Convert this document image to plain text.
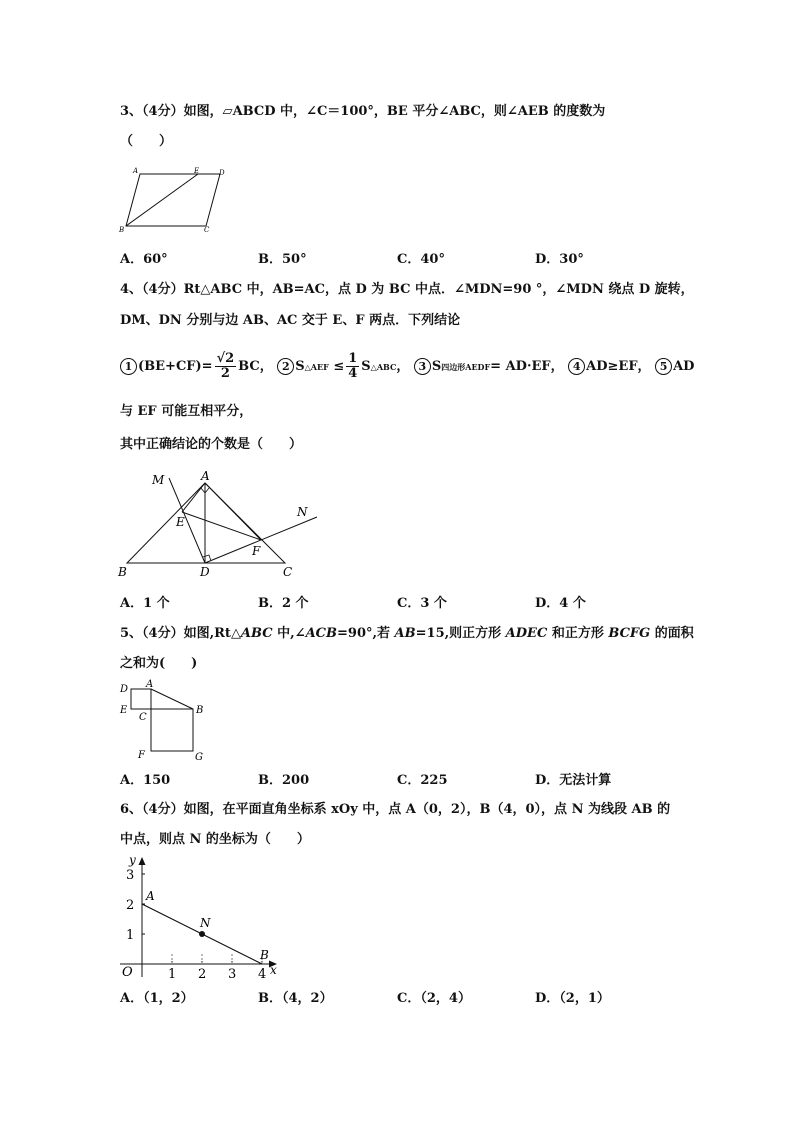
3、（4分）如图，▱ABCD 中，∠C＝100°，BE 平分∠ABC，则∠AEB 的度数为
（　　）
A	E	D
B	C
A．60°	B．50°	C．40°	D．30°
4、（4分）Rt△ABC 中，AB=AC，点 D 为 BC 中点．∠MDN=90 °，∠MDN 绕点 D 旋转，
DM、DN 分别与边 AB、AC 交于 E、F 两点．下列结论
1 $(BE+CF)= \frac{√2}{2}$ BC， 2 S△AEF ≤ $\frac{1}{4}$ S△ABC， 3 S四边形AEDF= AD·EF， 4 AD≥EF， 5 AD
与 EF 可能互相平分，
其中正确结论的个数是（　　）
M	A
N
E
F
B	D	C
A．1 个	B．2 个	C．3 个	D．4 个
5、（4分）如图,Rt△ABC 中,∠ACB=90°,若 AB=15,则正方形 ADEC 和正方形 BCFG 的面积
之和为(　　)
D A
E
C
B
F	G
A．150	B．200	C．225	D．无法计算
6、（4分）如图，在平面直角坐标系 xOy 中，点 A（0，2），B（4，0），点 N 为线段 AB 的
中点，则点 N 的坐标为（　　）
x
y
O	1 2 3 4
1
2
3
A
N
B
A．（1，2）	B．（4，2）	C．（2，4）	D．（2，1）
